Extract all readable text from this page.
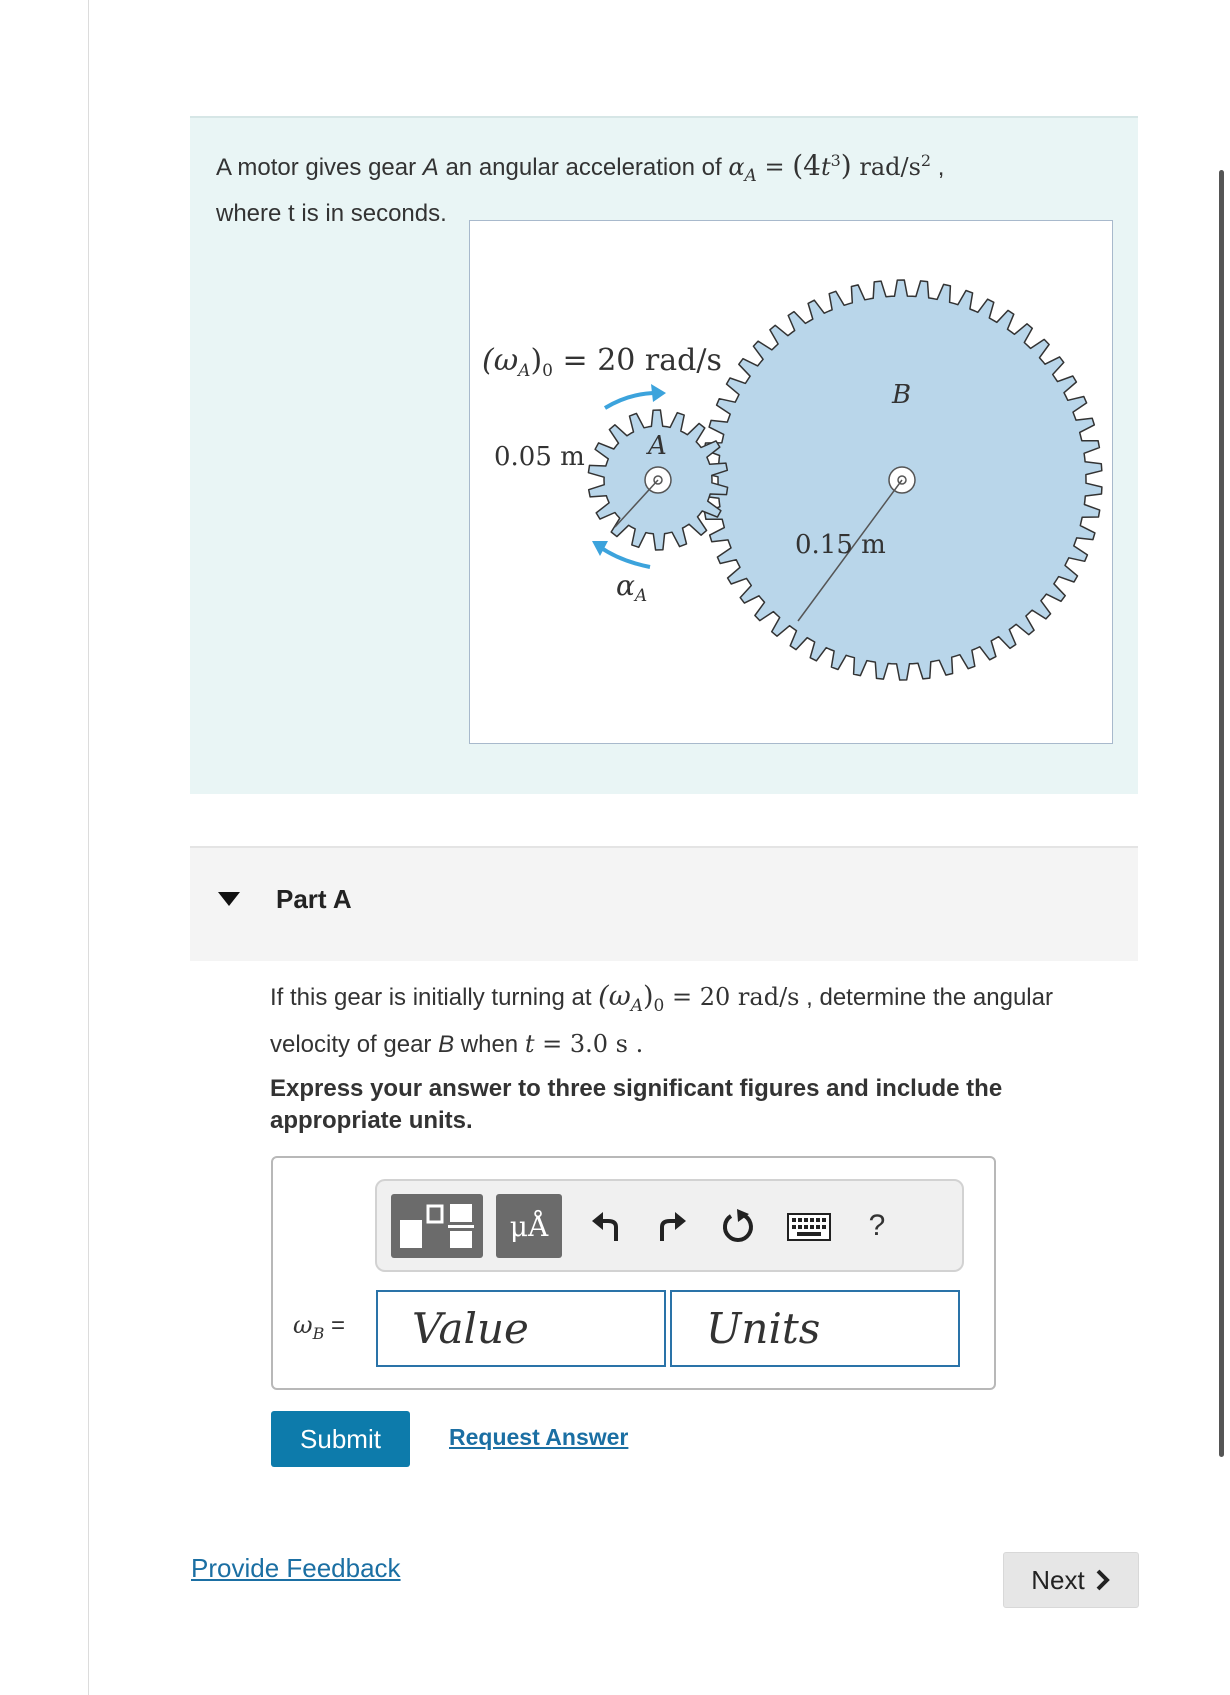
A motor gives gear A an angular acceleration of $\alpha_A = (4t^3)$ rad/$s^2$ ,
where t is in seconds.
$(\omega_A)_0 = 20$ rad/s
0.05 m
0.15 m
A
B
$\alpha_A$
Part A
If this gear is initially turning at $(\omega_A)_0 = 20$ rad/s , determine the angular
velocity of gear B when t = 3.0 s .
Express your answer to three significant figures and include the appropriate units.
μÅ	?
$\omega_B$ =	Value	Units
Submit	Request Answer
Provide Feedback	Next
